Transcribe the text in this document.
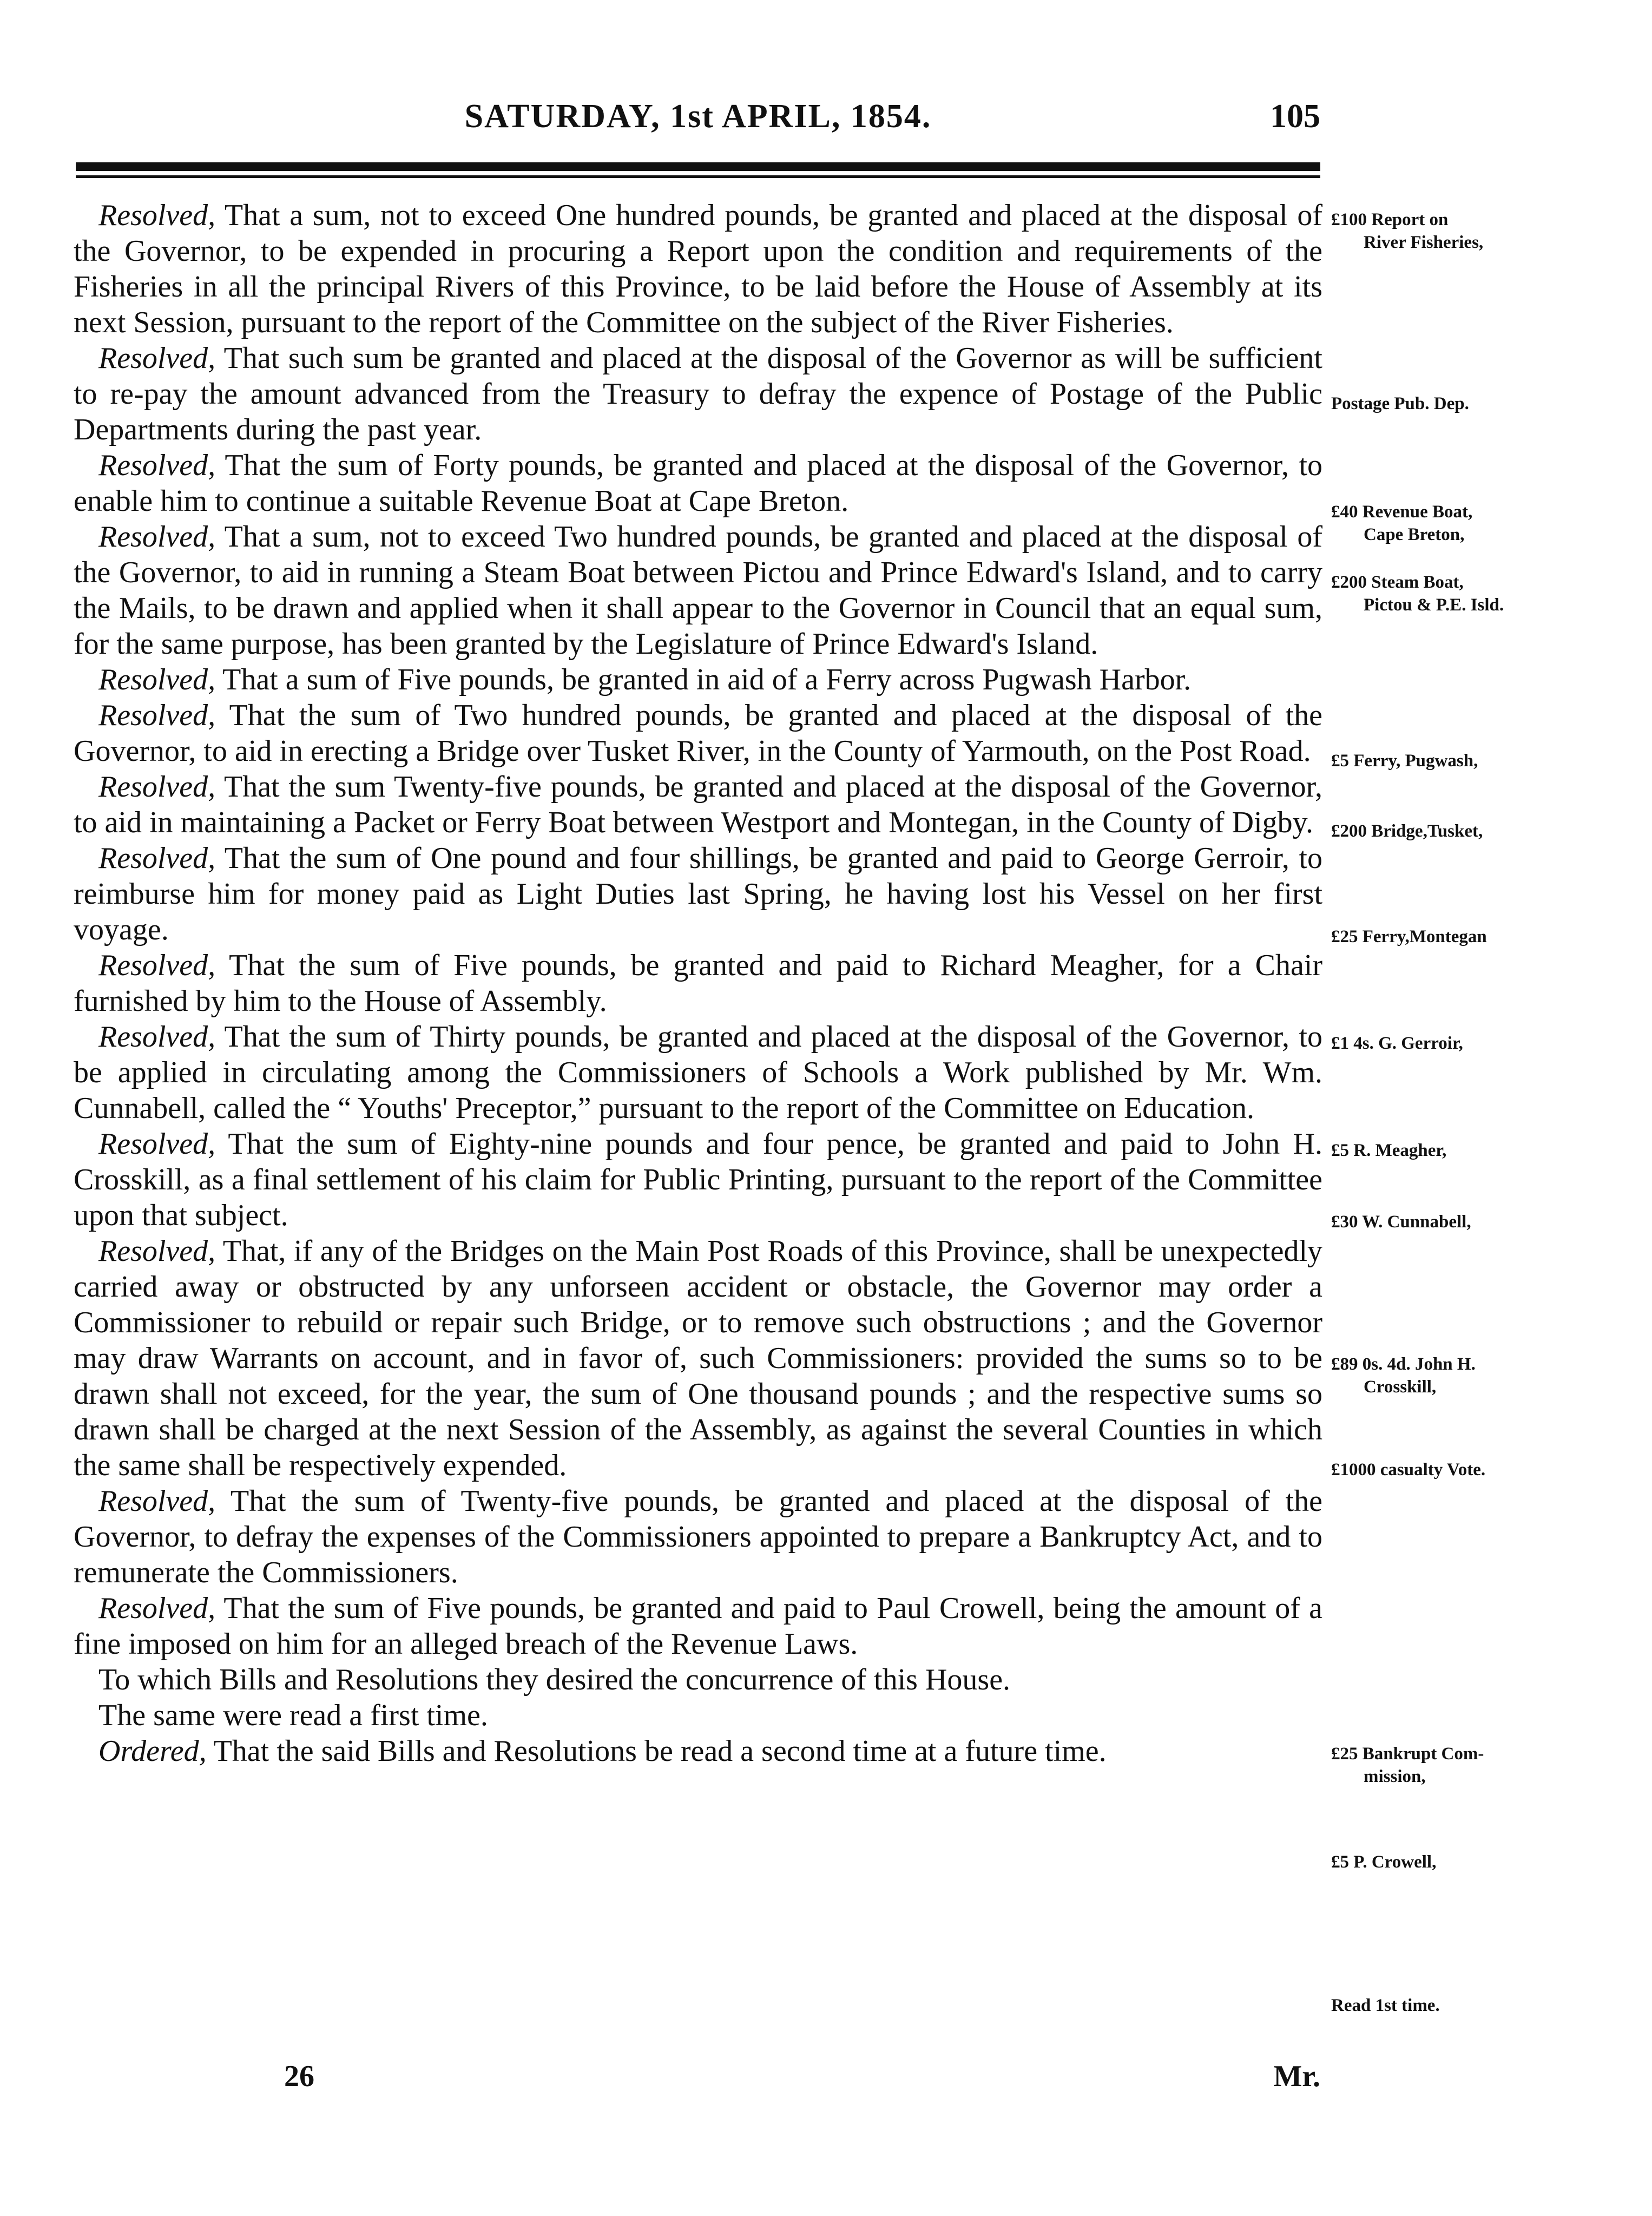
SATURDAY, 1st APRIL, 1854.	105

Resolved, That a sum, not to exceed One hundred pounds, be granted and placed at the disposal of the Governor, to be expended in procuring a Report upon the condition and requirements of the Fisheries in all the principal Rivers of this Province, to be laid before the House of Assembly at its next Session, pursuant to the report of the Committee on the subject of the River Fisheries.

Resolved, That such sum be granted and placed at the disposal of the Governor as will be sufficient to re-pay the amount advanced from the Treasury to defray the expence of Postage of the Public Departments during the past year.

Resolved, That the sum of Forty pounds, be granted and placed at the disposal of the Governor, to enable him to continue a suitable Revenue Boat at Cape Breton.

Resolved, That a sum, not to exceed Two hundred pounds, be granted and placed at the disposal of the Governor, to aid in running a Steam Boat between Pictou and Prince Edward's Island, and to carry the Mails, to be drawn and applied when it shall appear to the Governor in Council that an equal sum, for the same purpose, has been granted by the Legislature of Prince Edward's Island.

Resolved, That a sum of Five pounds, be granted in aid of a Ferry across Pugwash Harbor.

Resolved, That the sum of Two hundred pounds, be granted and placed at the disposal of the Governor, to aid in erecting a Bridge over Tusket River, in the County of Yarmouth, on the Post Road.

Resolved, That the sum Twenty-five pounds, be granted and placed at the disposal of the Governor, to aid in maintaining a Packet or Ferry Boat between Westport and Montegan, in the County of Digby.

Resolved, That the sum of One pound and four shillings, be granted and paid to George Gerroir, to reimburse him for money paid as Light Duties last Spring, he having lost his Vessel on her first voyage.

Resolved, That the sum of Five pounds, be granted and paid to Richard Meagher, for a Chair furnished by him to the House of Assembly.

Resolved, That the sum of Thirty pounds, be granted and placed at the disposal of the Governor, to be applied in circulating among the Commissioners of Schools a Work published by Mr. Wm. Cunnabell, called the “ Youths' Preceptor,” pursuant to the report of the Committee on Education.

Resolved, That the sum of Eighty-nine pounds and four pence, be granted and paid to John H. Crosskill, as a final settlement of his claim for Public Printing, pursuant to the report of the Committee upon that subject.

Resolved, That, if any of the Bridges on the Main Post Roads of this Province, shall be unexpectedly carried away or obstructed by any unforseen accident or obstacle, the Governor may order a Commissioner to rebuild or repair such Bridge, or to remove such obstructions ; and the Governor may draw Warrants on account, and in favor of, such Commissioners: provided the sums so to be drawn shall not exceed, for the year, the sum of One thousand pounds ; and the respective sums so drawn shall be charged at the next Session of the Assembly, as against the several Counties in which the same shall be respectively expended.

Resolved, That the sum of Twenty-five pounds, be granted and placed at the disposal of the Governor, to defray the expenses of the Commissioners appointed to prepare a Bankruptcy Act, and to remunerate the Commissioners.

Resolved, That the sum of Five pounds, be granted and paid to Paul Crowell, being the amount of a fine imposed on him for an alleged breach of the Revenue Laws.

To which Bills and Resolutions they desired the concurrence of this House.

The same were read a first time.

Ordered, That the said Bills and Resolutions be read a second time at a future time.

£100 Report on
River Fisheries,
Postage Pub. Dep.
£40 Revenue Boat,
Cape Breton,
£200 Steam Boat,
Pictou & P.E. Isld.
£5 Ferry, Pugwash,
£200 Bridge,Tusket,
£25 Ferry,Montegan
£1 4s. G. Gerroir,
£5 R. Meagher,
£30 W. Cunnabell,
£89 0s. 4d. John H.
Crosskill,
£1000 casualty Vote.
£25 Bankrupt Com-
mission,
£5 P. Crowell,
Read 1st time.
26	Mr.
